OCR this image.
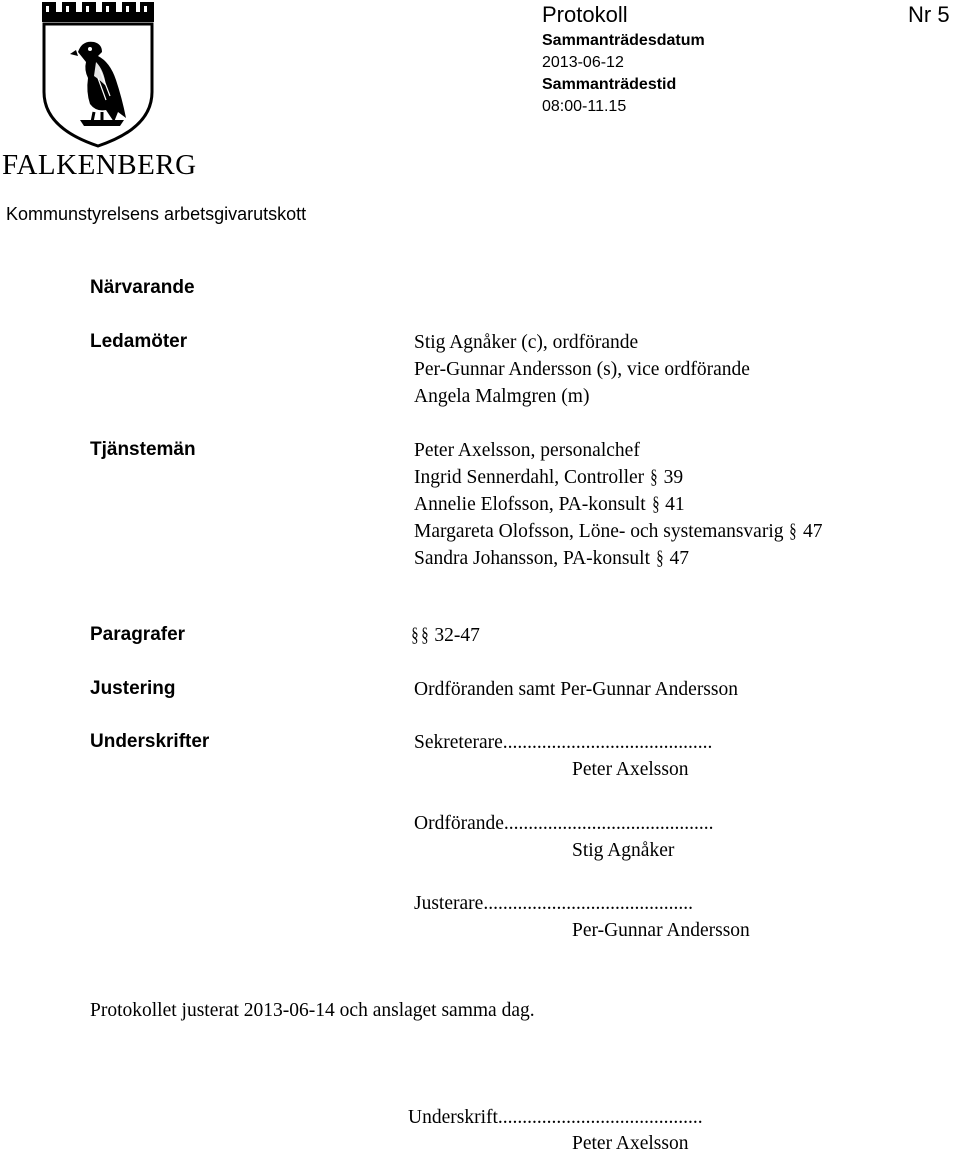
FALKENBERG
Kommunstyrelsens arbetsgivarutskott
Protokoll	Nr 5
Sammanträdesdatum
2013-06-12
Sammanträdestid
08:00-11.15
Närvarande
Ledamöter	Stig Agnåker (c), ordförande
Per-Gunnar Andersson (s), vice ordförande
Angela Malmgren (m)
Tjänstemän	Peter Axelsson, personalchef
Ingrid Sennerdahl, Controller § 39
Annelie Elofsson, PA-konsult § 41
Margareta Olofsson, Löne- och systemansvarig § 47
Sandra Johansson, PA-konsult § 47
Paragrafer	§ § 32-47
Justering	Ordföranden samt Per-Gunnar Andersson
Underskrifter	Sekreterare...........................................
Peter Axelsson
Ordförande...........................................
Stig Agnåker
Justerare...........................................
Per-Gunnar Andersson
Protokollet justerat 2013-06-14 och anslaget samma dag.
Underskrift..........................................
Peter Axelsson
